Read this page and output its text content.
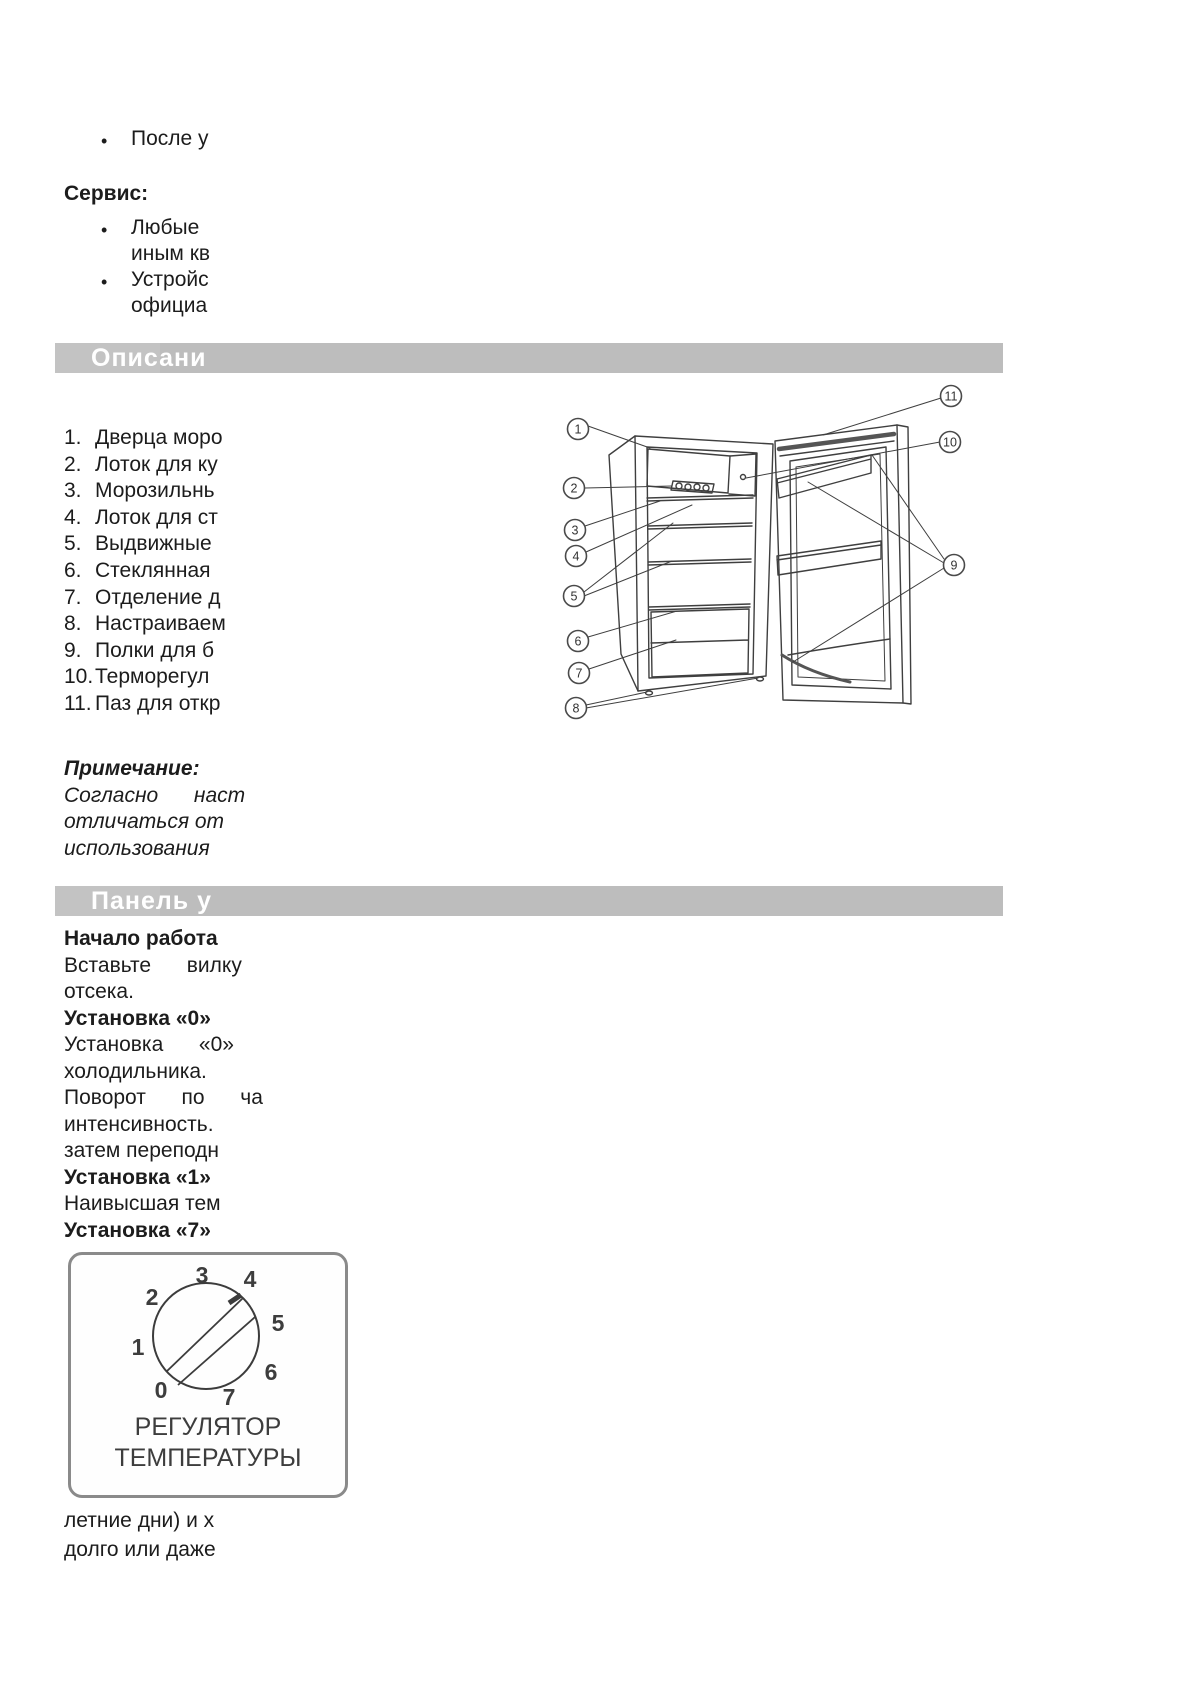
• После у
Сервис:
• Любые
иным кв
• Устройс
официа
Описани
1. Дверца моро
2. Лоток для ку
3. Морозильнь
4. Лоток для ст
5. Выдвижные
6. Стеклянная
7. Отделение д
8. Настраиваем
9. Полки для б
10.Терморегул
11. Паз для откр
1
2
3
4
5
6
7
8
9
10
11
Примечание:
Согласно  наст
отличаться от
использования
Панель у
Начало работа
Вставьте  вилку
отсека.
Установка «0»
Установка  «0»
холодильника.
Поворот  по  ча
интенсивность.
затем переподн
Установка «1»
Наивысшая тем
Установка «7»
0
1
2
3 4
5
6
7
РЕГУЛЯТОР
ТЕМПЕРАТУРЫ
летние дни) и х
долго или даже
